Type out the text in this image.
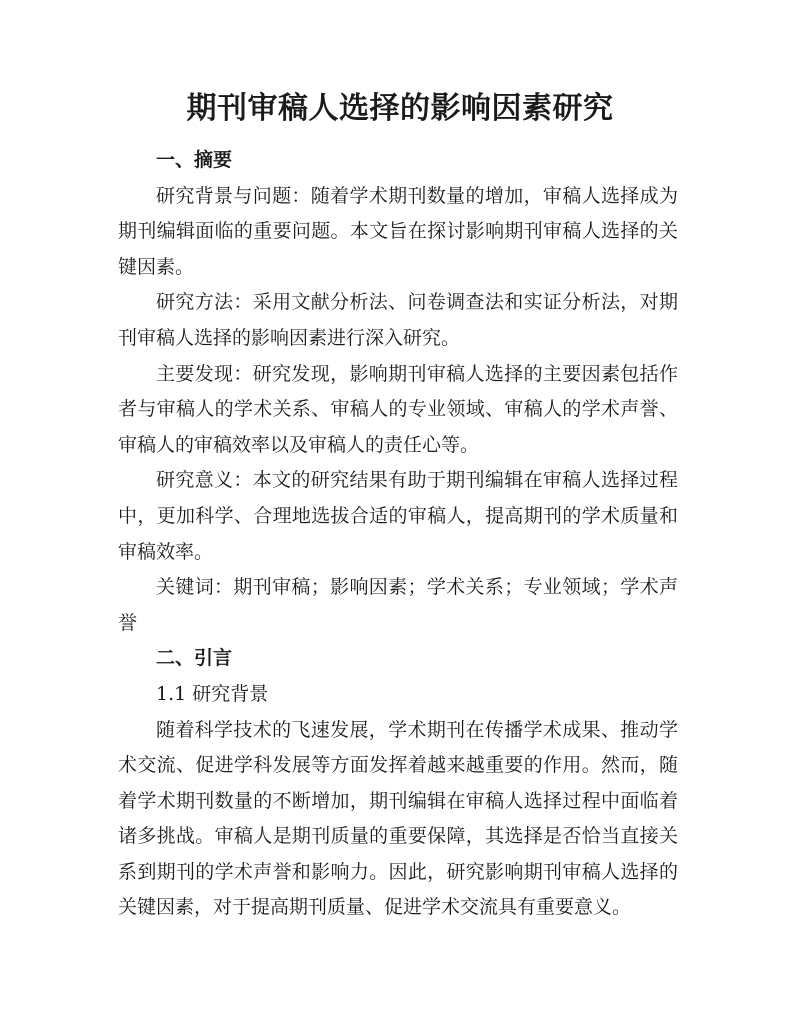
期刊审稿人选择的影响因素研究
一、摘要

研究背景与问题：随着学术期刊数量的增加，审稿人选择成为期刊编辑面临的重要问题。本文旨在探讨影响期刊审稿人选择的关键因素。

研究方法：采用文献分析法、问卷调查法和实证分析法，对期刊审稿人选择的影响因素进行深入研究。

主要发现：研究发现，影响期刊审稿人选择的主要因素包括作者与审稿人的学术关系、审稿人的专业领域、审稿人的学术声誉、审稿人的审稿效率以及审稿人的责任心等。

研究意义：本文的研究结果有助于期刊编辑在审稿人选择过程中，更加科学、合理地选拔合适的审稿人，提高期刊的学术质量和审稿效率。

关键词：期刊审稿；影响因素；学术关系；专业领域；学术声誉

二、引言
1.1 研究背景

随着科学技术的飞速发展，学术期刊在传播学术成果、推动学术交流、促进学科发展等方面发挥着越来越重要的作用。然而，随着学术期刊数量的不断增加，期刊编辑在审稿人选择过程中面临着诸多挑战。审稿人是期刊质量的重要保障，其选择是否恰当直接关系到期刊的学术声誉和影响力。因此，研究影响期刊审稿人选择的关键因素，对于提高期刊质量、促进学术交流具有重要意义。
